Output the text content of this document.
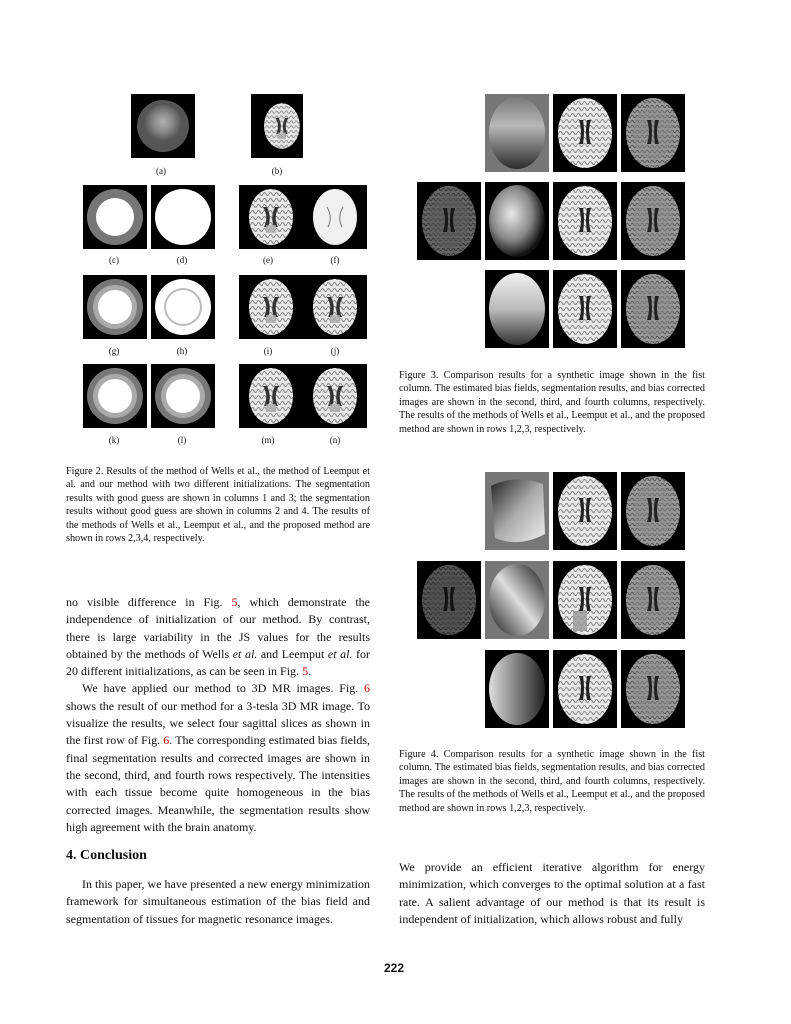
(a)	(b)
(c)	(d)	(e)	(f)
(g)	(h)	(i)	(j)
(k)	(l)	(m)	(n)
Figure 2. Results of the method of Wells et al., the method of Leemput et al. and our method with two different initializations. The segmentation results with good guess are shown in columns 1 and 3; the segmentation results without good guess are shown in columns 2 and 4. The results of the methods of Wells et al., Leemput et al., and the proposed method are shown in rows 2,3,4, respectively.

no visible difference in Fig. 5, which demonstrate the independence of initialization of our method. By contrast, there is large variability in the JS values for the results obtained by the methods of Wells et al. and Leemput et al. for 20 different initializations, as can be seen in Fig. 5.

We have applied our method to 3D MR images. Fig. 6 shows the result of our method for a 3-tesla 3D MR image. To visualize the results, we select four sagittal slices as shown in the first row of Fig. 6. The corresponding estimated bias fields, final segmentation results and corrected images are shown in the second, third, and fourth rows respectively. The intensities with each tissue become quite homogeneous in the bias corrected images. Meanwhile, the segmentation results show high agreement with the brain anatomy.

4. Conclusion
In this paper, we have presented a new energy minimization framework for simultaneous estimation of the bias field and segmentation of tissues for magnetic resonance images.
Figure 3. Comparison results for a synthetic image shown in the fist column. The estimated bias fields, segmentation results, and bias corrected images are shown in the second, third, and fourth columns, respectively. The results of the methods of Wells et al., Leemput et al., and the proposed method are shown in rows 1,2,3, respectively.
Figure 4. Comparison results for a synthetic image shown in the fist column. The estimated bias fields, segmentation results, and bias corrected images are shown in the second, third, and fourth columns, respectively. The results of the methods of Wells et al., Leemput et al., and the proposed method are shown in rows 1,2,3, respectively.
We provide an efficient iterative algorithm for energy minimization, which converges to the optimal solution at a fast rate. A salient advantage of our method is that its result is independent of initialization, which allows robust and fully
222
